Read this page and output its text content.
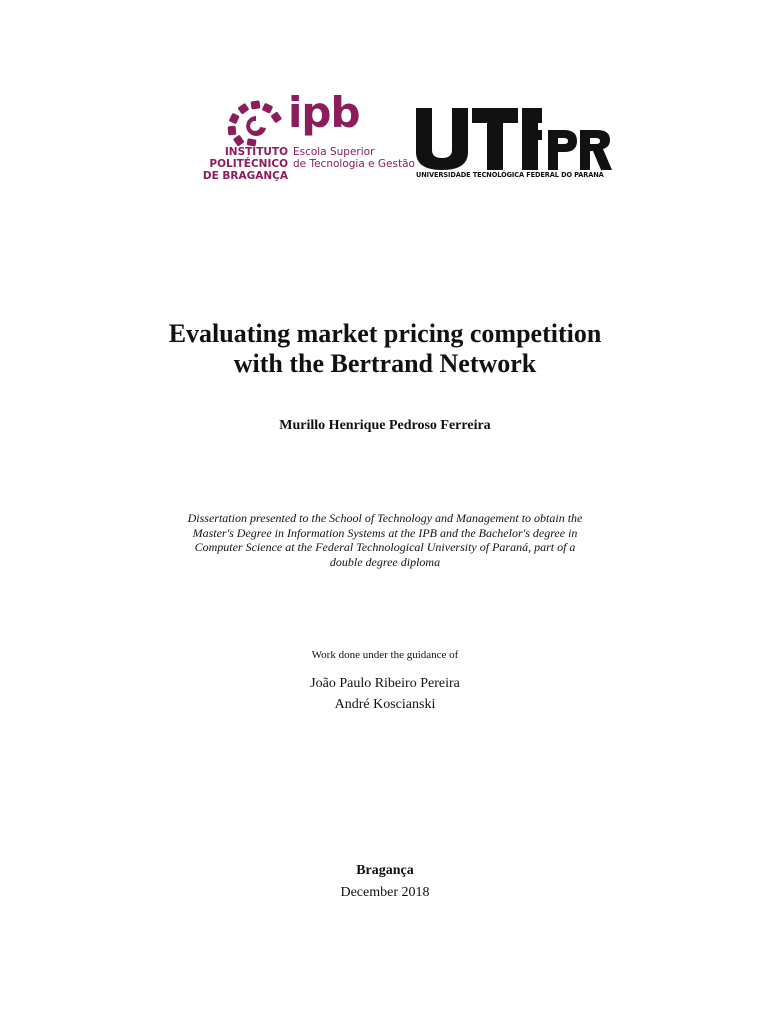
ipb
INSTITUTO POLITÉCNICO
DE BRAGANÇA
Escola Superior
de Tecnologia e Gestão
UNIVERSIDADE TECNOLÓGICA FEDERAL DO PARANÁ
Evaluating market pricing competition
with the Bertrand Network
Murillo Henrique Pedroso Ferreira
Dissertation presented to the School of Technology and Management to obtain the
Master's Degree in Information Systems at the IPB and the Bachelor's degree in
Computer Science at the Federal Technological University of Paraná, part of a
double degree diploma
Work done under the guidance of
João Paulo Ribeiro Pereira
André Koscianski
Bragança
December 2018
